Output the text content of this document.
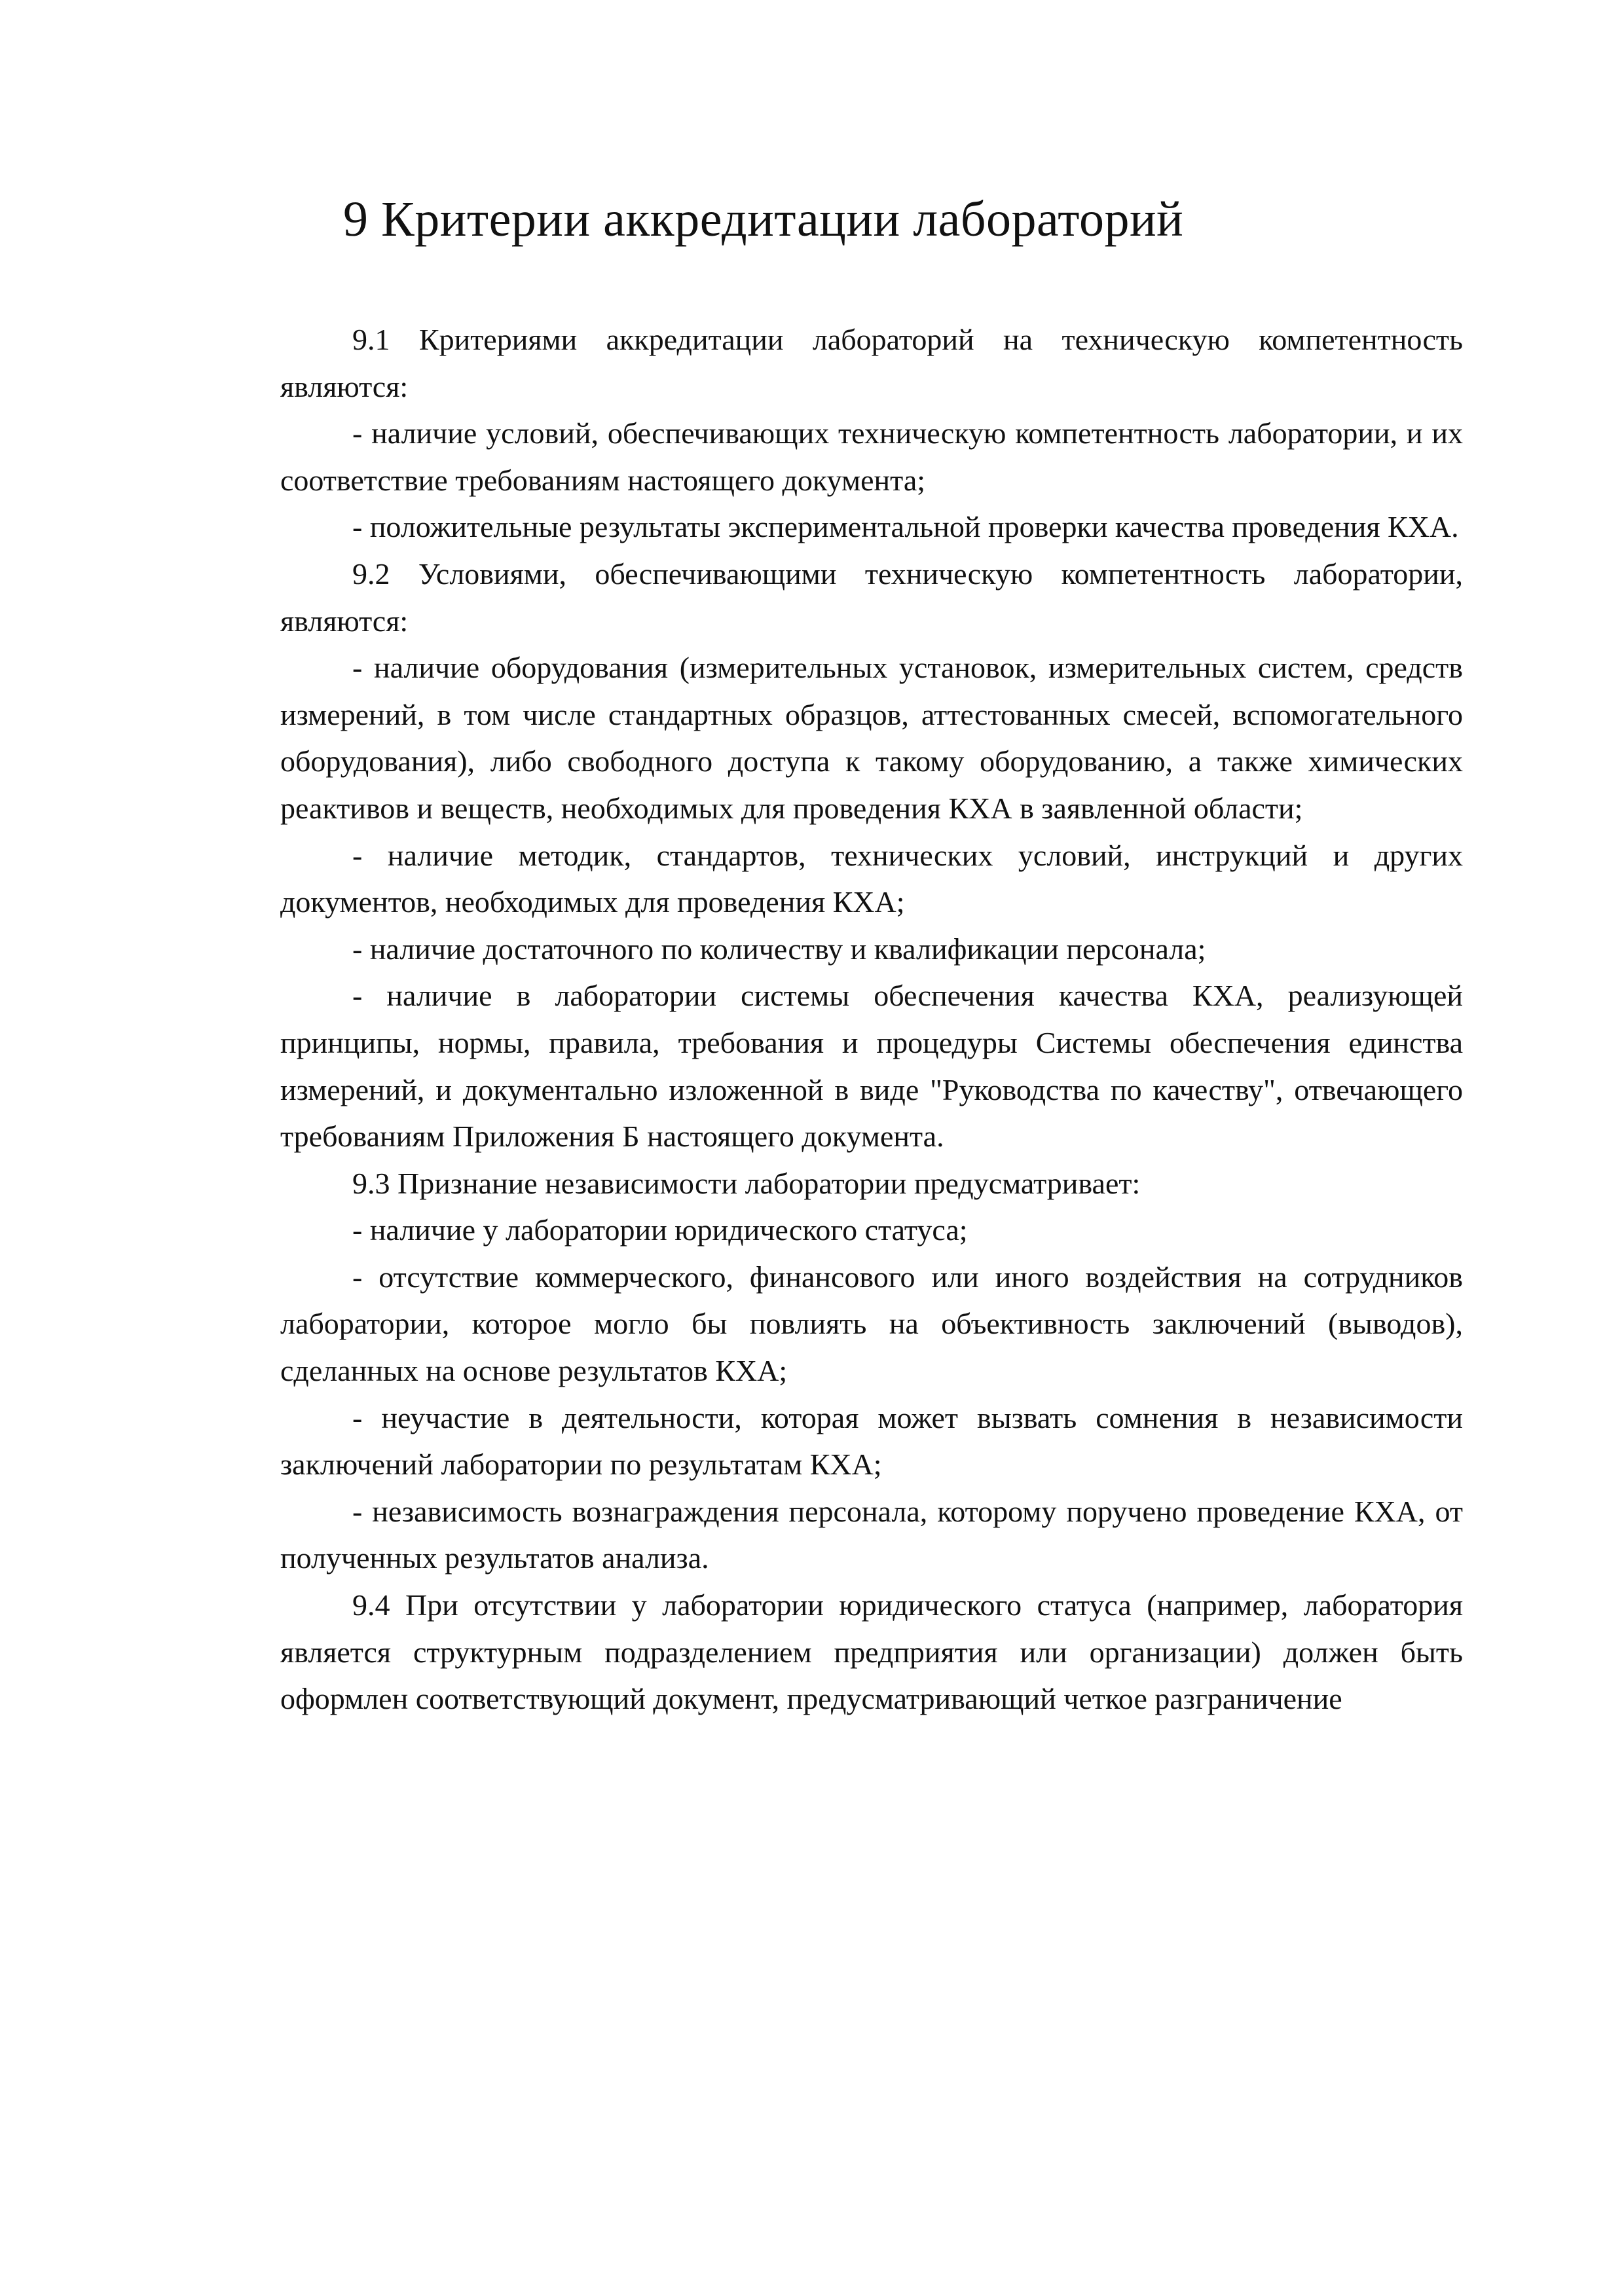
9 Критерии аккредитации лабораторий

9.1 Критериями аккредитации лабораторий на техническую компетентность являются:

- наличие условий, обеспечивающих техническую компетентность лаборатории, и их соответствие требованиям настоящего документа;

- положительные результаты экспериментальной проверки качества проведения КХА.

9.2 Условиями, обеспечивающими техническую компетентность лаборатории, являются:

- наличие оборудования (измерительных установок, измерительных систем, средств измерений, в том числе стандартных образцов, аттестованных смесей, вспомогательного оборудования), либо свободного доступа к такому оборудованию, а также химических реактивов и веществ, необходимых для проведения КХА в заявленной области;

- наличие методик, стандартов, технических условий, инструкций и других документов, необходимых для проведения КХА;

- наличие достаточного по количеству и квалификации персонала;

- наличие в лаборатории системы обеспечения качества КХА, реализующей принципы, нормы, правила, требования и процедуры Системы обеспечения единства измерений, и документально изложенной в виде "Руководства по качеству", отвечающего требованиям Приложения Б настоящего документа.

9.3 Признание независимости лаборатории предусматривает:

- наличие у лаборатории юридического статуса;

- отсутствие коммерческого, финансового или иного воздействия на сотрудников лаборатории, которое могло бы повлиять на объективность заключений (выводов), сделанных на основе результатов КХА;

- неучастие в деятельности, которая может вызвать сомнения в независимости заключений лаборатории по результатам КХА;

- независимость вознаграждения персонала, которому поручено проведение КХА, от полученных результатов анализа.

9.4 При отсутствии у лаборатории юридического статуса (например, лаборатория является структурным подразделением предприятия или организации) должен быть оформлен соответствующий документ, предусматривающий четкое разграничение
